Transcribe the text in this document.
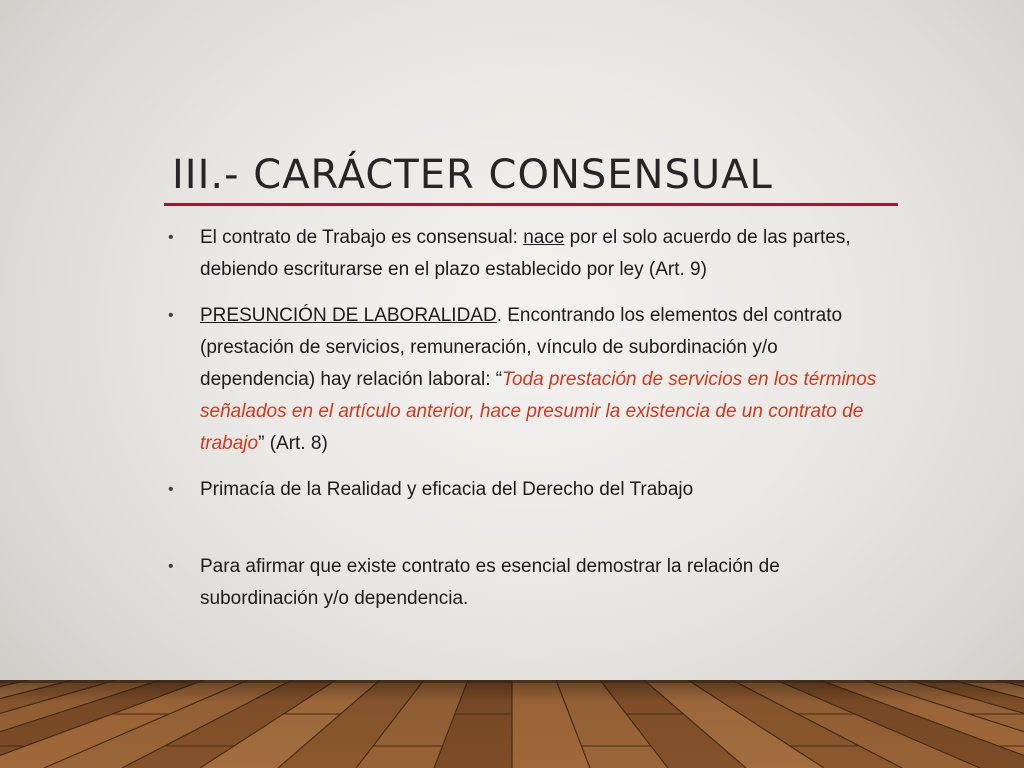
III.- CARÁCTER CONSENSUAL
•	El contrato de Trabajo es consensual: nace por el solo acuerdo de las partes, debiendo escriturarse en el plazo establecido por ley (Art. 9)
•	PRESUNCIÓN DE LABORALIDAD. Encontrando los elementos del contrato (prestación de servicios, remuneración, vínculo de subordinación y/o dependencia) hay relación laboral: “Toda prestación de servicios en los términos señalados en el artículo anterior, hace presumir la existencia de un contrato de trabajo” (Art. 8)
•	Primacía de la Realidad y eficacia del Derecho del Trabajo
•	Para afirmar que existe contrato es esencial demostrar la relación de subordinación y/o dependencia.
